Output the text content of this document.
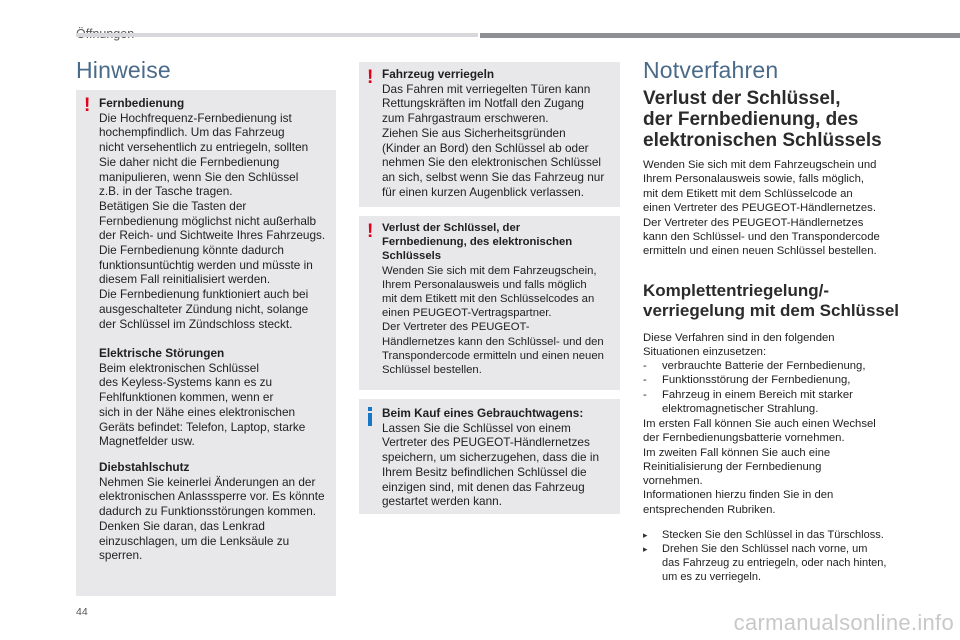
Hinweise
! Fernbedienung
Die Hochfrequenz-Fernbedienung ist
hochempfindlich. Um das Fahrzeug
nicht versehentlich zu entriegeln, sollten
Sie daher nicht die Fernbedienung
manipulieren, wenn Sie den Schlüssel
z.B. in der Tasche tragen.
Betätigen Sie die Tasten der
Fernbedienung möglichst nicht außerhalb
der Reich- und Sichtweite Ihres Fahrzeugs.
Die Fernbedienung könnte dadurch
funktionsuntüchtig werden und müsste in
diesem Fall reinitialisiert werden.
Die Fernbedienung funktioniert auch bei
ausgeschalteter Zündung nicht, solange
der Schlüssel im Zündschloss steckt.
Elektrische Störungen
Beim elektronischen Schlüssel
des Keyless-Systems kann es zu
Fehlfunktionen kommen, wenn er
sich in der Nähe eines elektronischen
Geräts befindet: Telefon, Laptop, starke
Magnetfelder usw.
Diebstahlschutz
Nehmen Sie keinerlei Änderungen an der
elektronischen Anlasssperre vor. Es könnte
dadurch zu Funktionsstörungen kommen.
Denken Sie daran, das Lenkrad
einzuschlagen, um die Lenksäule zu
sperren.
! Fahrzeug verriegeln
Das Fahren mit verriegelten Türen kann
Rettungskräften im Notfall den Zugang
zum Fahrgastraum erschweren.
Ziehen Sie aus Sicherheitsgründen
(Kinder an Bord) den Schlüssel ab oder
nehmen Sie den elektronischen Schlüssel
an sich, selbst wenn Sie das Fahrzeug nur
für einen kurzen Augenblick verlassen.
! Verlust der Schlüssel, der
Fernbedienung, des elektronischen
Schlüssels
Wenden Sie sich mit dem Fahrzeugschein,
Ihrem Personalausweis und falls möglich
mit dem Etikett mit den Schlüsselcodes an
einen PEUGEOT-Vertragspartner.
Der Vertreter des PEUGEOT-
Händlernetzes kann den Schlüssel- und den
Transpondercode ermitteln und einen neuen
Schlüssel bestellen.
Beim Kauf eines Gebrauchtwagens:
Lassen Sie die Schlüssel von einem
Vertreter des PEUGEOT-Händlernetzes
speichern, um sicherzugehen, dass die in
Ihrem Besitz befindlichen Schlüssel die
einzigen sind, mit denen das Fahrzeug
gestartet werden kann.
Notverfahren
Verlust der Schlüssel,
der Fernbedienung, des
elektronischen Schlüssels
Wenden Sie sich mit dem Fahrzeugschein und
Ihrem Personalausweis sowie, falls möglich,
mit dem Etikett mit dem Schlüsselcode an
einen Vertreter des PEUGEOT-Händlernetzes.
Der Vertreter des PEUGEOT-Händlernetzes
kann den Schlüssel- und den Transpondercode
ermitteln und einen neuen Schlüssel bestellen.
Komplettentriegelung/-
verriegelung mit dem Schlüssel
Diese Verfahren sind in den folgenden
Situationen einzusetzen:
- verbrauchte Batterie der Fernbedienung,
- Funktionsstörung der Fernbedienung,
- Fahrzeug in einem Bereich mit starker
elektromagnetischer Strahlung.
Im ersten Fall können Sie auch einen Wechsel
der Fernbedienungsbatterie vornehmen.
Im zweiten Fall können Sie auch eine
Reinitialisierung der Fernbedienung
vornehmen.
Informationen hierzu finden Sie in den
entsprechenden Rubriken.
▸ Stecken Sie den Schlüssel in das Türschloss.
▸ Drehen Sie den Schlüssel nach vorne, um
das Fahrzeug zu entriegeln, oder nach hinten,
um es zu verriegeln.
44	carmanualsonline.info
